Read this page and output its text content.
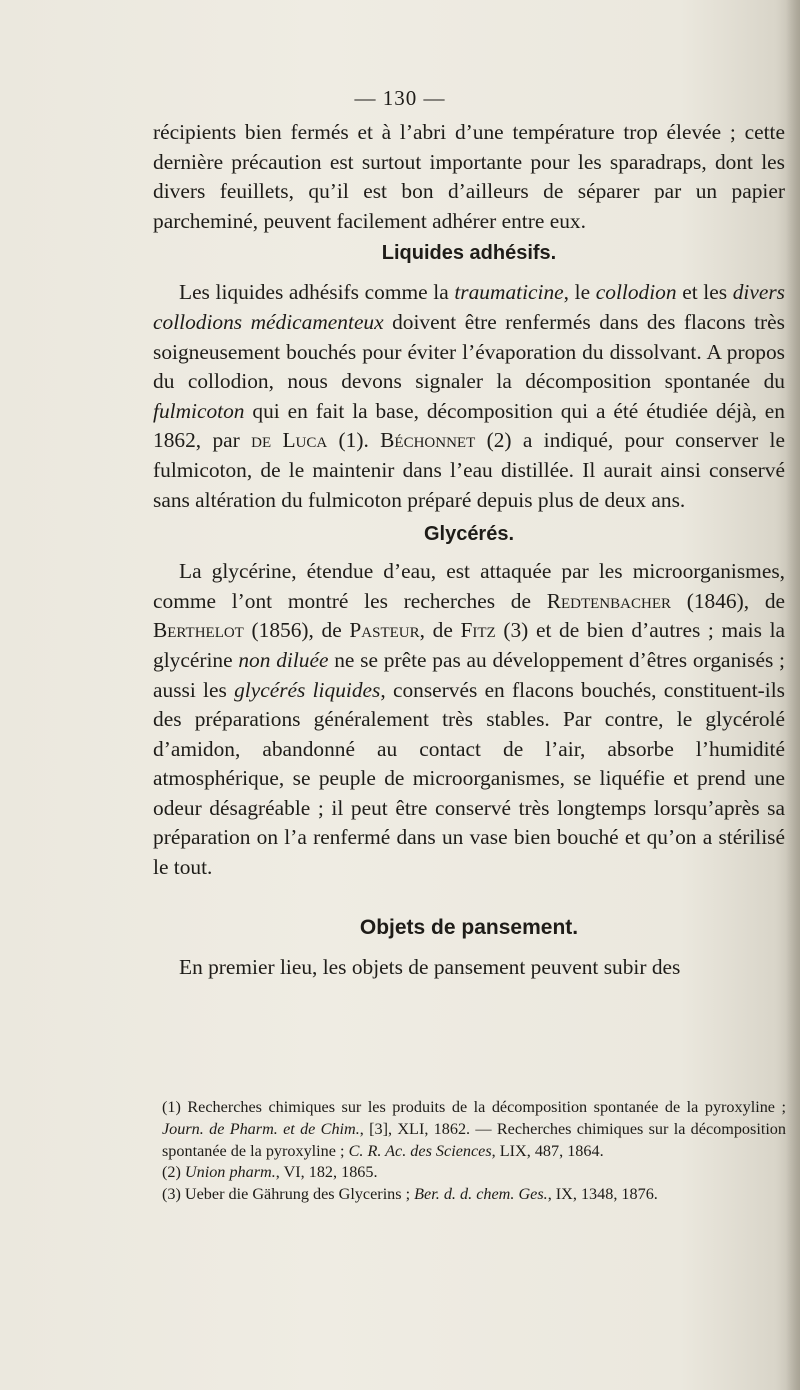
— 130 —

récipients bien fermés et à l’abri d’une température trop élevée ; cette dernière précaution est surtout importante pour les sparadraps, dont les divers feuillets, qu’il est bon d’ailleurs de séparer par un papier parcheminé, peuvent facilement adhérer entre eux.

Liquides adhésifs.

Les liquides adhésifs comme la traumaticine, le collodion et les divers collodions médicamenteux doivent être renfermés dans des flacons très soigneusement bouchés pour éviter l’évaporation du dissolvant. A propos du collodion, nous devons signaler la décomposition spontanée du fulmicoton qui en fait la base, décomposition qui a été étudiée déjà, en 1862, par de Luca (1). Béchonnet (2) a indiqué, pour conserver le fulmicoton, de le maintenir dans l’eau distillée. Il aurait ainsi conservé sans altération du fulmicoton préparé depuis plus de deux ans.

Glycérés.

La glycérine, étendue d’eau, est attaquée par les microorganismes, comme l’ont montré les recherches de Redtenbacher (1846), de Berthelot (1856), de Pasteur, de Fitz (3) et de bien d’autres ; mais la glycérine non diluée ne se prête pas au développement d’êtres organisés ; aussi les glycérés liquides, conservés en flacons bouchés, constituent-ils des préparations généralement très stables. Par contre, le glycérolé d’amidon, abandonné au contact de l’air, absorbe l’humidité atmosphérique, se peuple de microorganismes, se liquéfie et prend une odeur désagréable ; il peut être conservé très longtemps lorsqu’après sa préparation on l’a renfermé dans un vase bien bouché et qu’on a stérilisé le tout.

Objets de pansement.

En premier lieu, les objets de pansement peuvent subir des

(1) Recherches chimiques sur les produits de la décomposition spontanée de la pyroxyline ; Journ. de Pharm. et de Chim., [3], XLI, 1862. — Recherches chimiques sur la décomposition spontanée de la pyroxyline ; C. R. Ac. des Sciences, LIX, 487, 1864.

(2) Union pharm., VI, 182, 1865.

(3) Ueber die Gährung des Glycerins ; Ber. d. d. chem. Ges., IX, 1348, 1876.
